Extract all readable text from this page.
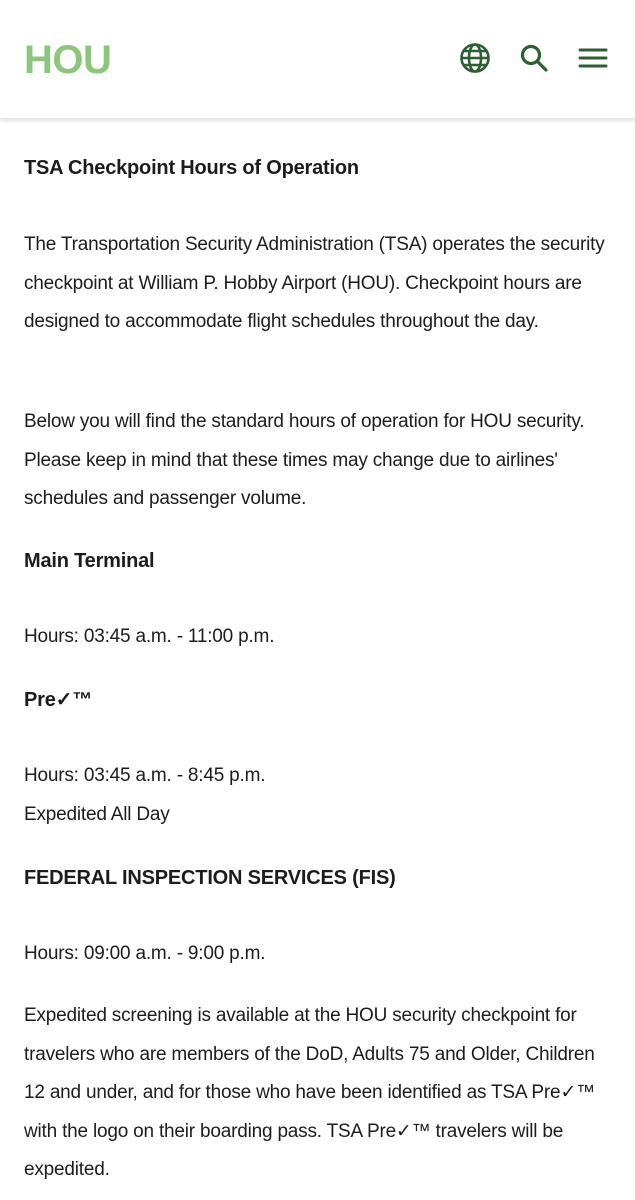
HOU
TSA Checkpoint Hours of Operation

The Transportation Security Administration (TSA) operates the security checkpoint at William P. Hobby Airport (HOU). Checkpoint hours are designed to accommodate flight schedules throughout the day.

Below you will find the standard hours of operation for HOU security. Please keep in mind that these times may change due to airlines' schedules and passenger volume.

Main Terminal

Hours: 03:45 a.m. - 11:00 p.m.

Pre✓™

Hours: 03:45 a.m. - 8:45 p.m.

Expedited All Day

FEDERAL INSPECTION SERVICES (FIS)

Hours: 09:00 a.m. - 9:00 p.m.

Expedited screening is available at the HOU security checkpoint for travelers who are members of the DoD, Adults 75 and Older, Children 12 and under, and for those who have been identified as TSA Pre✓™ with the logo on their boarding pass. TSA Pre✓™ travelers will be expedited.
